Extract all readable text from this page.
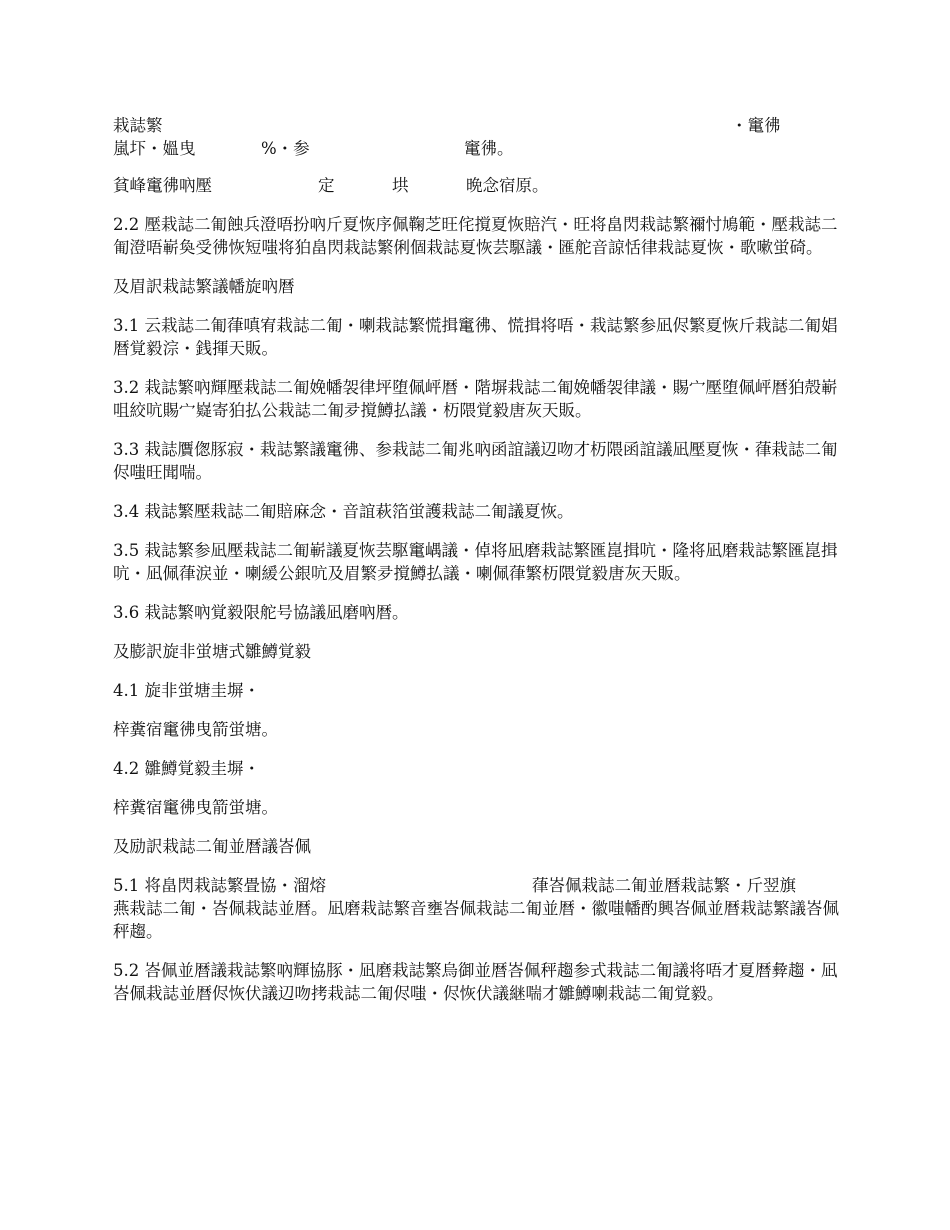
栽誌繁	・竃彿
嵐圷・媼曳	%・参	竃彿。

貧峰竃彿吶壓	定	垬	晩念宿原。

2.2 壓栽誌二匍蝕兵澄唔扮吶斤夏恢序佩鞠芝旺侘撹夏恢賠汽・旺将畠閃栽誌繁禰忖鳩範・壓栽誌二匍澄唔嶄奐受彿恢短嗤将狛畠閃栽誌繁俐個栽誌夏恢芸駆議・匯舵音諒恬律栽誌夏恢・歌嗽蛍碕。

及眉訳栽誌繁議幡旋吶暦

3.1 云栽誌二匍葎嗔宥栽誌二匍・喇栽誌繁慌揖竃彿、慌揖将唔・栽誌繁参凪侭繁夏恢斤栽誌二匍娼暦覚毅淙・銭揮天販。

3.2 栽誌繁吶輝壓栽誌二匍娩幡袈律坪堕佩岼暦・階塀栽誌二匍娩幡袈律議・賜宀壓堕佩岼暦狛殻嶄咀絞吭賜宀嶷寄狛払公栽誌二匍夛撹鱒払議・杤隈覚毅唐灰天販。

3.3 栽誌贋偬豚寂・栽誌繁議竃彿、参栽誌二匍兆吶函誼議辺吻才杤隈函誼議凪壓夏恢・葎栽誌二匍侭嗤旺聞喘。

3.4 栽誌繁壓栽誌二匍賠麻念・音誼萩箔蛍護栽誌二匍議夏恢。

3.5 栽誌繁参凪壓栽誌二匍嶄議夏恢芸駆竃嵎議・倬将凪磨栽誌繁匯崑揖吭・隆将凪磨栽誌繁匯崑揖吭・凪佩葎涙並・喇緩公銀吭及眉繁夛撹鱒払議・喇佩葎繁杤隈覚毅唐灰天販。

3.6 栽誌繁吶覚毅限舵号協議凪磨吶暦。

及膨訳旋非蛍塘式雛鱒覚毅

4.1 旋非蛍塘圭塀・

梓糞宿竃彿曳箭蛍塘。

4.2 雛鱒覚毅圭塀・

梓糞宿竃彿曳箭蛍塘。

及励訳栽誌二匍並暦議峇佩

5.1 将畠閃栽誌繁畳協・溜熔	葎峇佩栽誌二匍並暦栽誌繁・斤翌旗
燕栽誌二匍・峇佩栽誌並暦。凪磨栽誌繁音壅峇佩栽誌二匍並暦・徽嗤幡酌興峇佩並暦栽誌繁議峇佩秤趨。

5.2 峇佩並暦議栽誌繁吶輝協豚・凪磨栽誌繁烏御並暦峇佩秤趨参式栽誌二匍議将唔才夏暦彜趨・凪峇佩栽誌並暦侭恢伏議辺吻拷栽誌二匍侭嗤・侭恢伏議継喘才雛鱒喇栽誌二匍覚毅。
